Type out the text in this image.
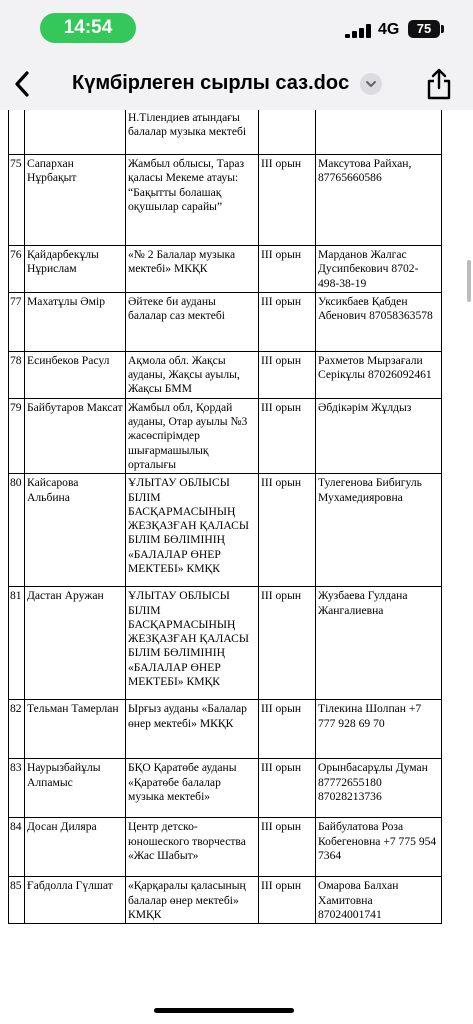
14:54	4G	75
Күмбірлеген сырлы саз.doc
		Н.Тілендиев атындағы балалар музыка мектебі		
75	Сапархан Нұрбақыт	Жамбыл облысы, Тараз қаласы Мекеме атауы: “Бақытты болашақ оқушылар сарайы”	III орын	Максутова Райхан, 87765660586
76	Қайдарбекұлы Нұрислам	«№ 2 Балалар музыка мектебі» МКҚК	III орын	Марданов Жалгас Дусипбекович 8702-498-38-19
77	Махатұлы Әмір	Әйтеке би ауданы балалар саз мектебі	III орын	Уксикбаев Қабден Абенович 87058363578
78	Есинбеков Расул	Ақмола обл. Жақсы ауданы, Жақсы ауылы, Жақсы БММ	III орын	Рахметов Мырзағали Серікұлы 87026092461
79	Байбутаров Максат	Жамбыл обл, Қордай ауданы, Отар ауылы №3 жасөспірімдер шығармашылық орталығы	III орын	Әбдікәрім Жұлдыз
80	Кайсарова Альбина	ҰЛЫТАУ ОБЛЫСЫ БІЛІМ БАСҚАРМАСЫНЫҢ ЖЕЗҚАЗҒАН ҚАЛАСЫ БІЛІМ БӨЛІМІНІҢ «БАЛАЛАР ӨНЕР МЕКТЕБІ» КМҚК	III орын	Тулегенова Бибигуль Мухамедияровна
81	Дастан Аружан	ҰЛЫТАУ ОБЛЫСЫ БІЛІМ БАСҚАРМАСЫНЫҢ ЖЕЗҚАЗҒАН ҚАЛАСЫ БІЛІМ БӨЛІМІНІҢ «БАЛАЛАР ӨНЕР МЕКТЕБІ» КМҚК	III орын	Жузбаева Гулдана Жангалиевна
82	Тельман Тамерлан	Ырғыз ауданы «Балалар өнер мектебі» МКҚК	III орын	Тілекина Шолпан +7 777 928 69 70
83	Наурызбайұлы Алпамыс	БҚО Қаратөбе ауданы «Қаратөбе балалар музыка мектебі»	III орын	Орынбасарұлы Думан 87772655180 87028213736
84	Досан Диляра	Центр детско-юношеского творчества «Жас Шабыт»	III орын	Байбулатова Роза Кобегеновна +7 775 954 7364
85	Ғабдолла Гүлшат	«Қарқаралы қаласының балалар өнер мектебі» КМҚК	III орын	Омарова Балхан Хамитовна 87024001741
